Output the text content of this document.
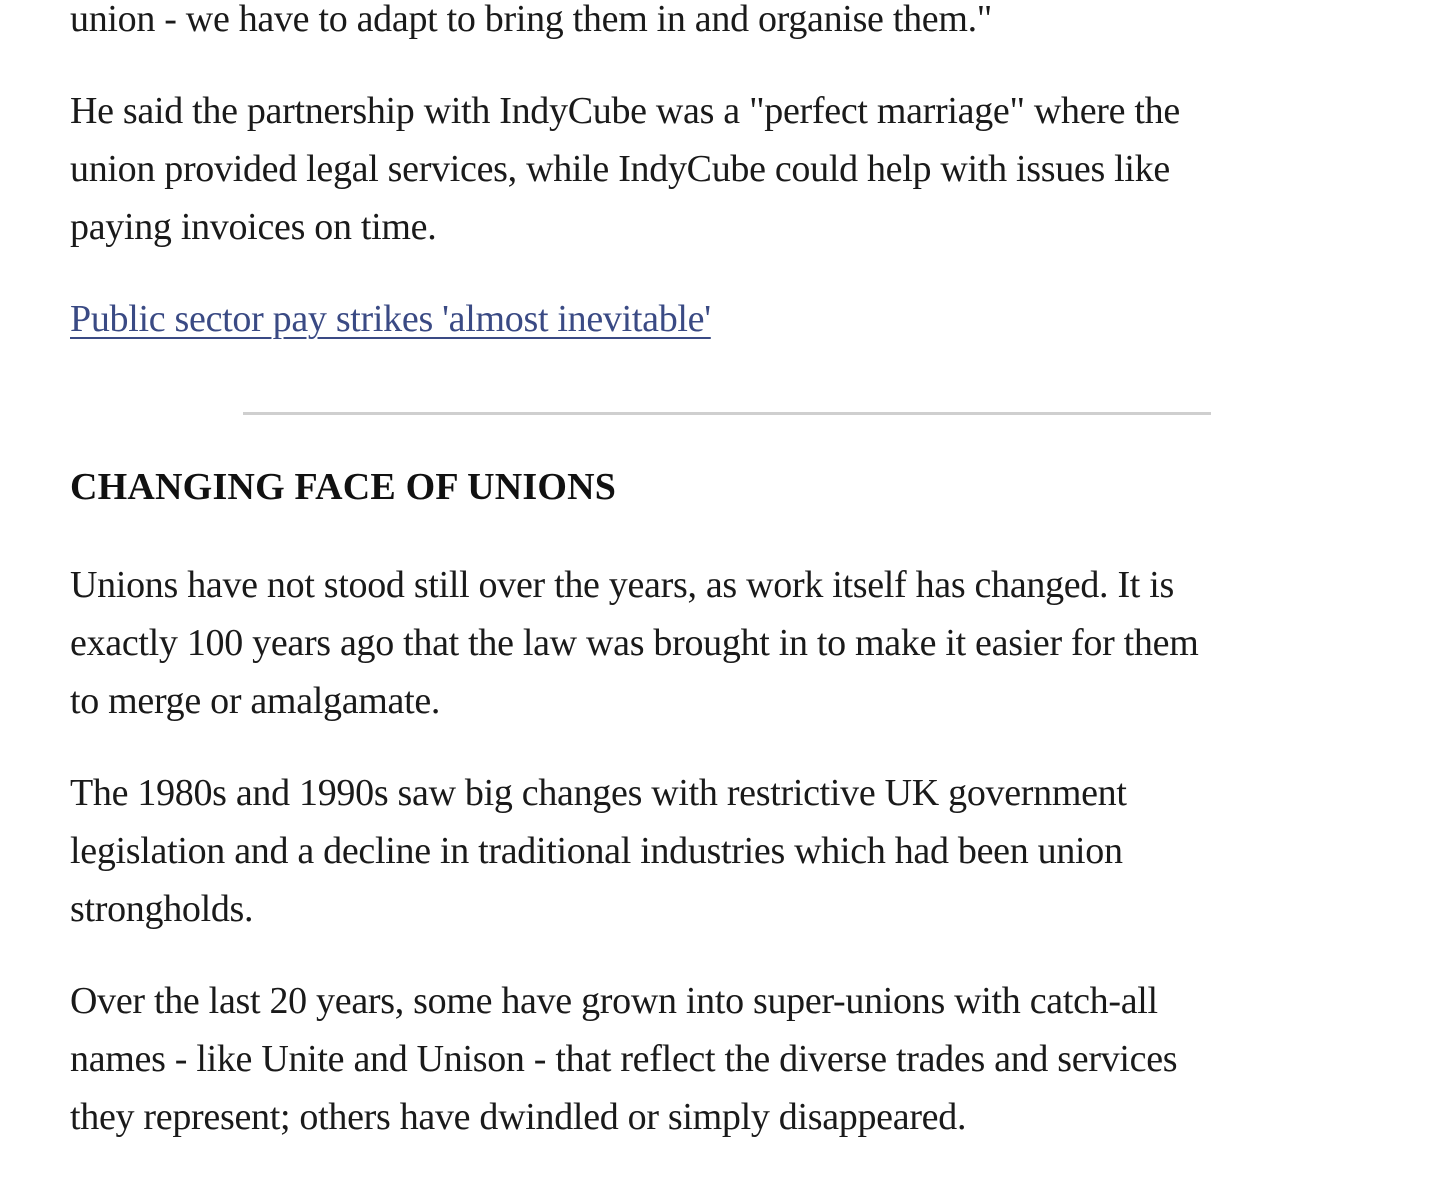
union - we have to adapt to bring them in and organise them."

He said the partnership with IndyCube was a "perfect marriage" where the
union provided legal services, while IndyCube could help with issues like
paying invoices on time.

Public sector pay strikes 'almost inevitable'
CHANGING FACE OF UNIONS

Unions have not stood still over the years, as work itself has changed. It is
exactly 100 years ago that the law was brought in to make it easier for them
to merge or amalgamate.

The 1980s and 1990s saw big changes with restrictive UK government
legislation and a decline in traditional industries which had been union
strongholds.

Over the last 20 years, some have grown into super-unions with catch-all
names - like Unite and Unison - that reflect the diverse trades and services
they represent; others have dwindled or simply disappeared.
